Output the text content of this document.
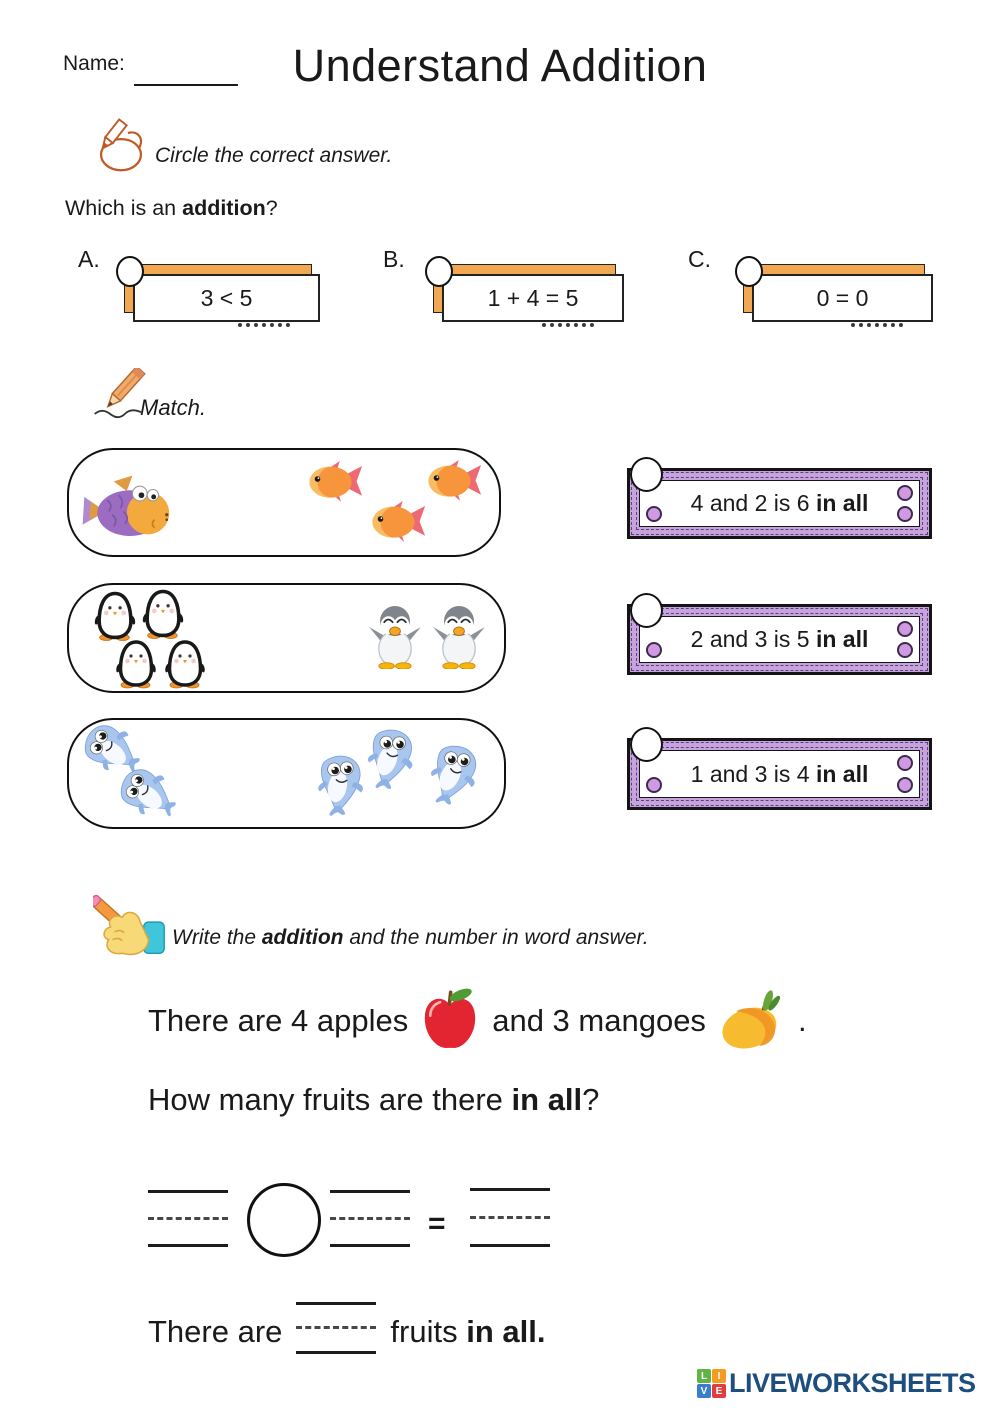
Name:	Understand Addition
Circle the correct answer.
Which is an addition?
A.
3 < 5
B.
1 + 4 = 5
C.
0 = 0
Match.
4 and 2 is 6
in all
2 and 3 is 5
in all
1 and 3 is 4
in all
Write the addition and the number in word answer.
There are 4 apples	and 3 mangoes	.
How many fruits are there in all?
=
There are	fruits
in all .
L	I
V E LIVEWORKSHEETS
